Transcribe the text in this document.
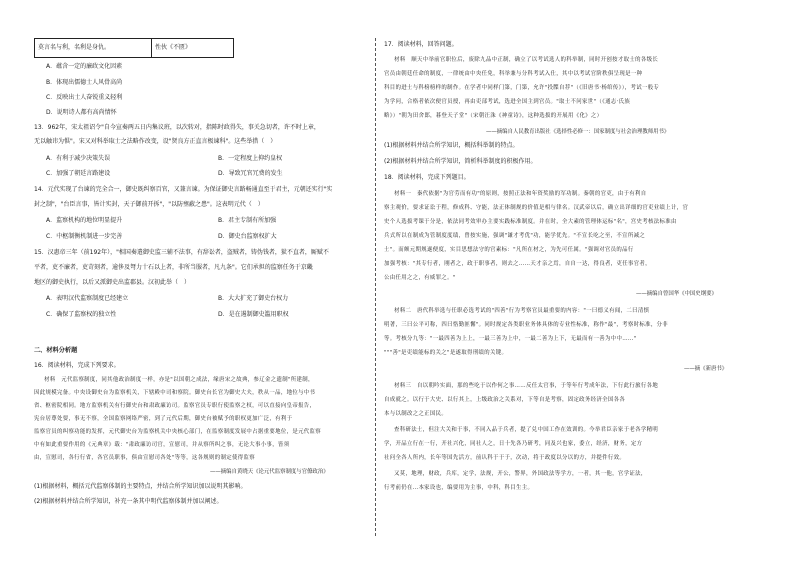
莫言名与利，名利是身仇。	性伙《不匮》
A．蕴含一定的廉政文化因素
B．体现出儒德士人风骨高尚
C．反映出士人奋锐重义轻利
D．说明诗人都有高尚情怀
13．962年，宋太祖诏令"自今宣奏两五日内集议班，以次转对，指陈时政得失，事关急切者，许不时上章，
无以触讳为惧"。宋又对科举取士之法略作改变，设"贤良方正直言极谏科"。这些举措（　）
A．有利于减少决策失误	B．一定程度上抑约皇权
C．加强了朝廷言路建设	D．导致冗官冗费的发生
14．元代实现了台谏的完全合一，御史既纠察百官，又兼言谏。为保证御史言路畅通直至于君主，元朝还实行"实
封之制"，"台臣言事，皆计实封，天子御前开拆"，"以防壅蔽之患"。这表明元代（　）
A．监察机构的地位明显提升	B．君主专制有所加强
C．中枢制衡机制进一步完善	D．御史台监察权扩大
15．汉惠帝三年（前192年），"相国奏遣御史监三辅不法事，有辞讼者，盗贼者，铸伪钱者，狱不直者，厮赋不
平者，吏不廉者，吏苛刻者，逾侈及弩力十石以上者，非所当服者，凡九条"。它们承担的监察任务于京畿
地区的御史执行，以后又派御史出监郡县。汉初此举（　）
A．表明汉代监察制度已经建立	B．大大扩充了御史台权力
C．确保了监察权的独立性	D．是在遏制御史滥用职权
二、材料分析题
16．阅读材料，完成下列要求。
材料　元代监察制度，同其他政治制度一样，亦是"以国朝之成法，缘唐宋之故典，参辽金之遗制"所建制，
因此规模完备。中央设御史台为监察机关，下辖殿中司和察院。御史台长官为御史大夫，秩从一品，地位与中书
省、枢密院相同。地方监察机关有行御史台和肃政廉访司。监察官员专职行使监察之权，可以直接向皇帝报告，
宪台居尊处要，事无不察，全国监察网络严密，到了元代后期，御史台被赋予的职权更加广泛，有利于
监察官员的纠察功能的发挥，元代御史台为监察机关中央核心部门，在监察制度发展中占据重要地位，是元代监察
中有如此重要作用的《元典章》载："肃政廉访司官，宣慰司，并从察所纠之事，无论大事小事，皆须
由，宣慰司，各行行省，各官员职事，俱由宣慰司各处"等等，这各规则的制定使得监察
——摘编自黄晓天《论元代监察制度与官僚政治》
(1)根据材料，概括元代监察体制的主要特点，并结合所学知识加以说明其影响。
(2)根据材料并结合所学知识，补充一条其中明代监察体制并加以阐述。
17．阅读材料，回答问题。
材料　顺天中举前官职位后，废除九品中正制，确立了以考试选人的科举制，同时开创按才取士的各级长
官员由朝廷任命的制度，一律统由中央任免，科举兼与分科考试入仕，其中以考试官阶秩俱呈现是一种
科目的进士与科榜榜样的制作。在学者中同样门第，门第，允许"投牒自荐"（《旧唐书·杨绾传》），考试一般专
为学问，合格者依次便官员授，再由吏部考试，选进全国主到官员。"取士不问家世"（《通志·氏族
略》）"朝为田舍郎，暮登天子堂"（宋朝汪洙《神童诗》，这种选拔的开展用《化》之）
——摘编自人民教育出版社《选择性必修一：国家制度与社会治理教师用书》
(1)根据材料并结合所学知识，概括科举制的特点。
(2)根据材料并结合所学知识，简析科举制度的积极作用。
18．阅读材料，完成下列题目。
材料一　秦代依据"为官劳而有功"的原则，按照正法和年资奖励的军功制。秦朝的官吏，由于有利自
察主观价，要求证讼于程，修成科、守能，法正体制规的价值是相与律名。汉武帝以后，确立出详细的官吏业绩上计，官
史个人选拔考课于分是，依法同考效审办主要实践标准制度。并在时，全大素的管理体运标"名"，宫史考核法标准由
兵式所以在制成为管制度度绩，曾按实施，强调"谦才考优"功，能学优先。"不宣长吃之至，不宣所减之
士"。而颇元期规遂便度，实目思想法守的官素标："凡所在材之，为先可任属。"强调对官员的品行
加强考核："其专行者，刚者之，政于职事者，则去之……天才亲之焉，自自一达，得良者，吏任事官者，
公由任用之之，有威罪之。"
——摘编自曾国华《中国史纲要》
材料二　唐代科举选与任职必选考试的"四善"行为考察官员最重要的内容："一曰德义有闻，二曰清慎
明著，三曰公平可称，四曰恪勤匪懈"。同时规定各类职业务体具体的专业性标准，称作"最"，考察时标准，分非
等。考核分九等："一最四善为上上，一最三善为上中，一最二善为上下，无最而有一善为中中……"
"""善"是吏绩能标的关之"是遂取得刑绩的关键。
——摘《新唐书》
材料三　自以朝吟实面，那的些吃于以作何之事……反任太官事，于等年行考成年法，下行此行旅行各地
自成就之。以行于大史、以行其上，上级政治之关系对，下等自是考察，固定政务经济全国各各
本与以制改之之正国民。
查科研法士，但注大关和于事，不同入品于兵者，提了兑中国工作在效训的。今举君臣亲家于老各学精明
学，开品立行在一行，开社兴化，同社人之，日十先各乃研考，同及兴也家，委立，经济，财务，定方
社问全各人所内，长年等国先活方，前认科于于于，次动，将于政度以分以的方，并提件行效。
又莫，地理，财政，兵库，定学，法规，开公，警界，外国政法等学方，一者，其一他，官学证法，
行考前仍在…本家设也，编要用为主事，中科，科目生主。
